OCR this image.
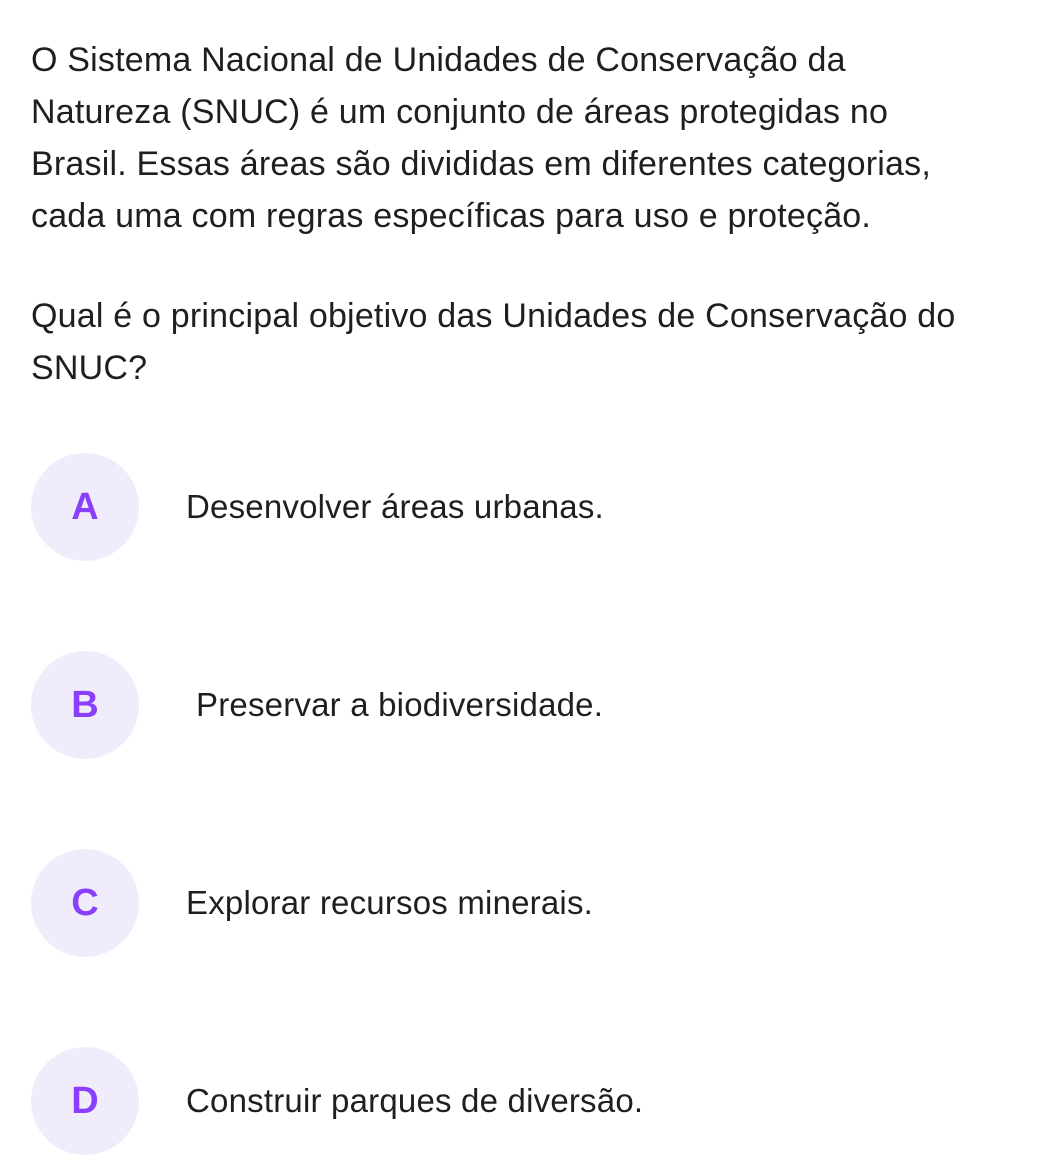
O Sistema Nacional de Unidades de Conservação da
Natureza (SNUC) é um conjunto de áreas protegidas no
Brasil. Essas áreas são divididas em diferentes categorias,
cada uma com regras específicas para uso e proteção.

Qual é o principal objetivo das Unidades de Conservação do
SNUC?

A	Desenvolver áreas urbanas.
B	Preservar a biodiversidade.
C	Explorar recursos minerais.
D	Construir parques de diversão.
